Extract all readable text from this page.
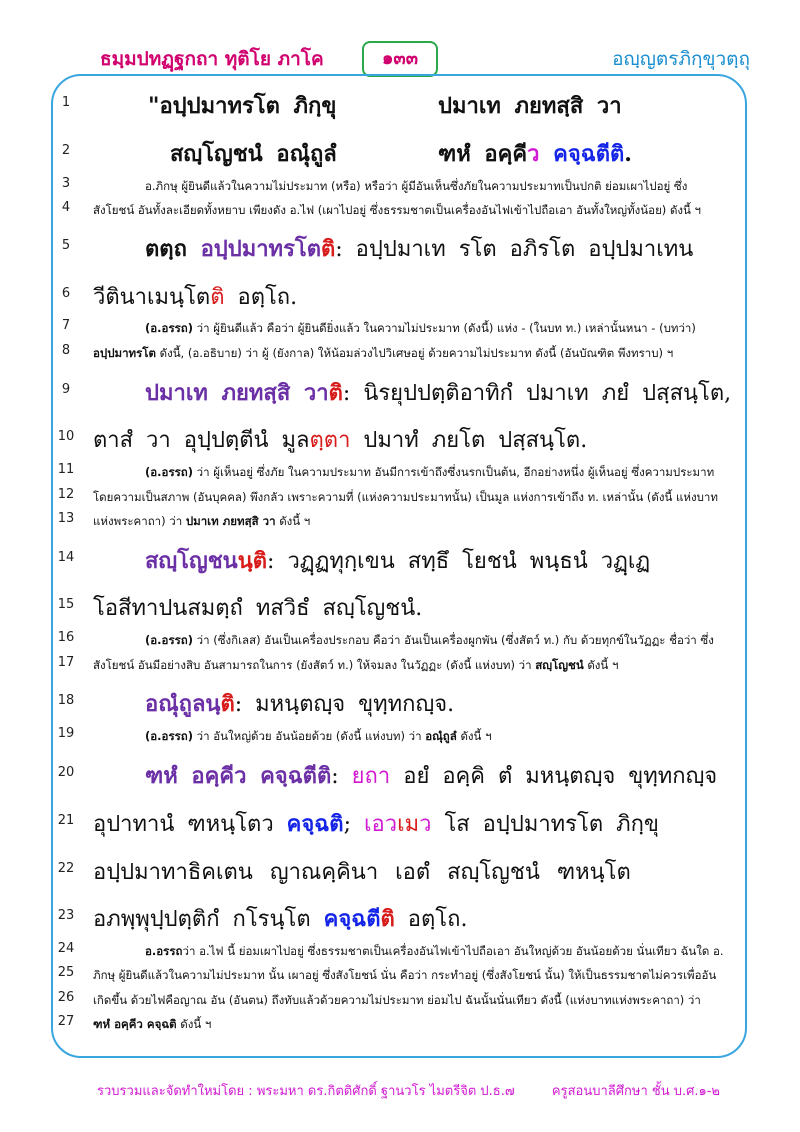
ธมฺมปทฏฺฐกถา ทุติโย ภาโค	๑๓๓	อญฺญตรภิกฺขุวตฺถุ
1
2
3
4
5
6
7
8
9
10
11
12
13
14
15
16
17
18
19
20
21
22
23
24
25
26
27
"อปฺปมาทรโต ภิกฺขุ	ปมาเท ภยทสฺสิ วา
สญฺโญชนํ อณุํถูลํ	ฑหํ อคฺคีว คจฺฉตีติ.
อ.ภิกษุ ผู้ยินดีแล้วในความไม่ประมาท (หรือ) หรือว่า ผู้มีอันเห็นซึ่งภัยในความประมาทเป็นปกติ ย่อมเผาไปอยู่ ซึ่ง
สังโยชน์ อันทั้งละเอียดทั้งหยาบ เพียงดัง อ.ไฟ (เผาไปอยู่ ซึ่งธรรมชาตเป็นเครื่องอันไฟเข้าไปถือเอา อันทั้งใหญ่ทั้งน้อย) ดังนี้ ฯ
ตตฺถ อปฺปมาทรโตติ: อปฺปมาเท รโต อภิรโต อปฺปมาเทน
วีตินาเมนฺโตติ อตฺโถ.
(อ.อรรถ) ว่า ผู้ยินดีแล้ว คือว่า ผู้ยินดียิ่งแล้ว ในความไม่ประมาท (ดังนี้) แห่ง - (ในบท ท.) เหล่านั้นหนา - (บทว่า)
อปฺปมาทรโต ดังนี้, (อ.อธิบาย) ว่า ผู้ (ยังกาล) ให้น้อมล่วงไปวิเศษอยู่ ด้วยความไม่ประมาท ดังนี้ (อันบัณฑิต พึงทราบ) ฯ
ปมาเท ภยทสฺสิ วาติ: นิรยุปปตฺติอาทิกํ ปมาเท ภยํ ปสฺสนฺโต,
ตาสํ วา อุปฺปตฺตีนํ มูลตฺตา ปมาทํ ภยโต ปสฺสนฺโต.
(อ.อรรถ) ว่า ผู้เห็นอยู่ ซึ่งภัย ในความประมาท อันมีการเข้าถึงซึ่งนรกเป็นต้น, อีกอย่างหนึ่ง ผู้เห็นอยู่ ซึ่งความประมาท
โดยความเป็นสภาพ (อันบุคคล) พึงกลัว เพราะความที่ (แห่งความประมาทนั้น) เป็นมูล แห่งการเข้าถึง ท. เหล่านั้น (ดังนี้ แห่งบาท
แห่งพระคาถา) ว่า ปมาเท ภยทสฺสิ วา ดังนี้ ฯ
สญฺโญชนนฺติ: วฏฺฏทุกฺเขน สทฺธึ โยชนํ พนฺธนํ วฏฺเฏ
โอสีทาปนสมตฺถํ ทสวิธํ สญฺโญชนํ.
(อ.อรรถ) ว่า (ซึ่งกิเลส) อันเป็นเครื่องประกอบ คือว่า อันเป็นเครื่องผูกพัน (ซึ่งสัตว์ ท.) กับ ด้วยทุกข์ในวัฏฏะ ชื่อว่า ซึ่ง
สังโยชน์ อันมีอย่างสิบ อันสามารถในการ (ยังสัตว์ ท.) ให้จมลง ในวัฏฏะ (ดังนี้ แห่งบท) ว่า สญฺโญชนํ ดังนี้ ฯ
อณุํถูลนฺติ: มหนฺตญฺจ ขุทฺทกญฺจ.
(อ.อรรถ) ว่า อันใหญ่ด้วย อันน้อยด้วย (ดังนี้ แห่งบท) ว่า อณุํถูลํ ดังนี้ ฯ
ฑหํ อคฺคีว คจฺฉตีติ: ยถา อยํ อคฺคิ ตํ มหนฺตญฺจ ขุทฺทกญฺจ
อุปาทานํ ฑหนฺโตว คจฺฉติ; เอวเมว โส อปฺปมาทรโต ภิกฺขุ
อปฺปมาทาธิคเตน ญาณคฺคินา เอตํ สญฺโญชนํ ฑหนฺโต
อภพฺพุปฺปตฺติกํ กโรนฺโต คจฺฉตีติ อตฺโถ.
อ.อรรถว่า อ.ไฟ นี้ ย่อมเผาไปอยู่ ซึ่งธรรมชาตเป็นเครื่องอันไฟเข้าไปถือเอา อันใหญ่ด้วย อันน้อยด้วย นั่นเทียว ฉันใด อ.
ภิกษุ ผู้ยินดีแล้วในความไม่ประมาท นั้น เผาอยู่ ซึ่งสังโยชน์ นั่น คือว่า กระทำอยู่ (ซึ่งสังโยชน์ นั้น) ให้เป็นธรรมชาตไม่ควรเพื่ออัน
เกิดขึ้น ด้วยไฟคือญาณ อัน (อันตน) ถึงทับแล้วด้วยความไม่ประมาท ย่อมไป ฉันนั้นนั่นเทียว ดังนี้ (แห่งบาทแห่งพระคาถา) ว่า
ฑหํ อคฺคีว คจฺฉติ ดังนี้ ฯ
รวบรวมและจัดทำใหม่โดย : พระมหา ดร.กิตติศักดิ์ ฐานวโร ไมตรีจิต ป.ธ.๗	ครูสอนบาลีศึกษา ชั้น บ.ศ.๑-๒
